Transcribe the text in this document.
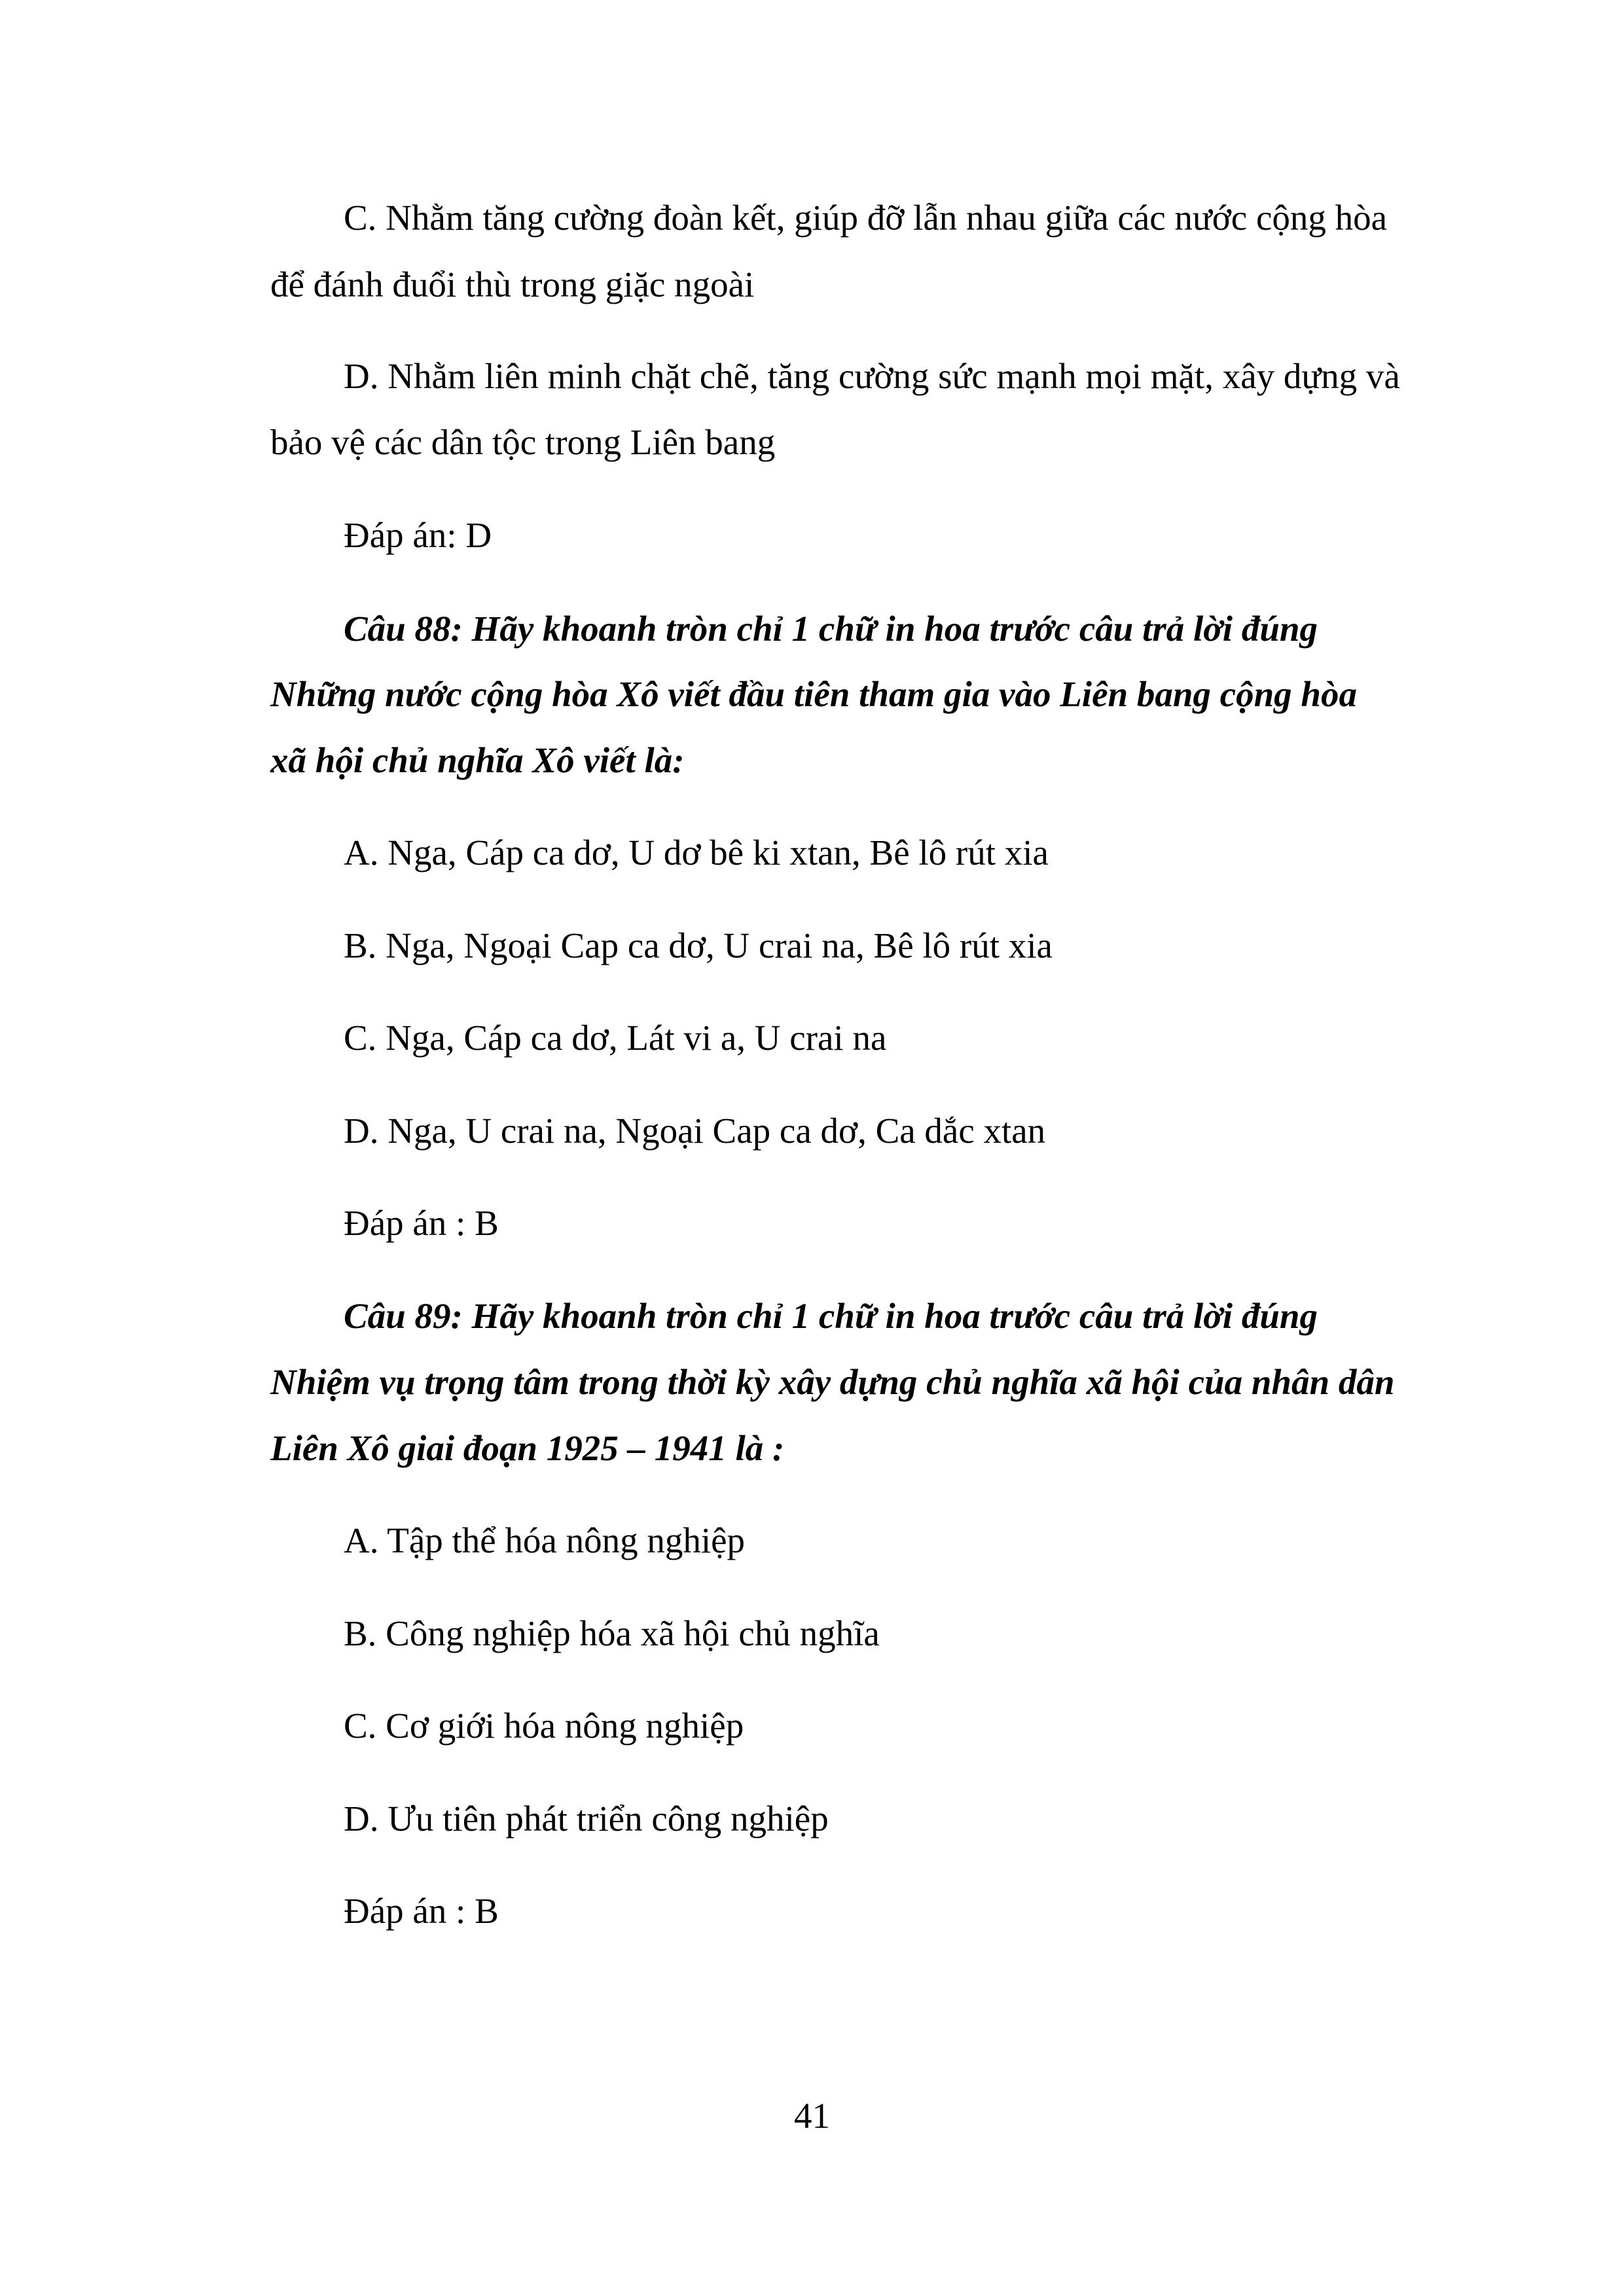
C. Nhằm tăng cường đoàn kết, giúp đỡ lẫn nhau giữa các nước cộng hòa
để đánh đuổi thù trong giặc ngoài
D. Nhằm liên minh chặt chẽ, tăng cường sức mạnh mọi mặt, xây dựng và
bảo vệ các dân tộc trong Liên bang
Đáp án: D
Câu 88: Hãy khoanh tròn chỉ 1 chữ in hoa trước câu trả lời đúng
Những nước cộng hòa Xô viết đầu tiên tham gia vào Liên bang cộng hòa
xã hội chủ nghĩa Xô viết là:
A. Nga, Cáp ca dơ, U dơ bê ki xtan, Bê lô rút xia
B. Nga, Ngoại Cap ca dơ, U crai na, Bê lô rút xia
C. Nga, Cáp ca dơ, Lát vi a, U crai na
D. Nga, U crai na, Ngoại Cap ca dơ, Ca dắc xtan
Đáp án : B
Câu 89: Hãy khoanh tròn chỉ 1 chữ in hoa trước câu trả lời đúng
Nhiệm vụ trọng tâm trong thời kỳ xây dựng chủ nghĩa xã hội của nhân dân
Liên Xô giai đoạn 1925 – 1941 là :
A. Tập thể hóa nông nghiệp
B. Công nghiệp hóa xã hội chủ nghĩa
C. Cơ giới hóa nông nghiệp
D. Ưu tiên phát triển công nghiệp
Đáp án : B
41
